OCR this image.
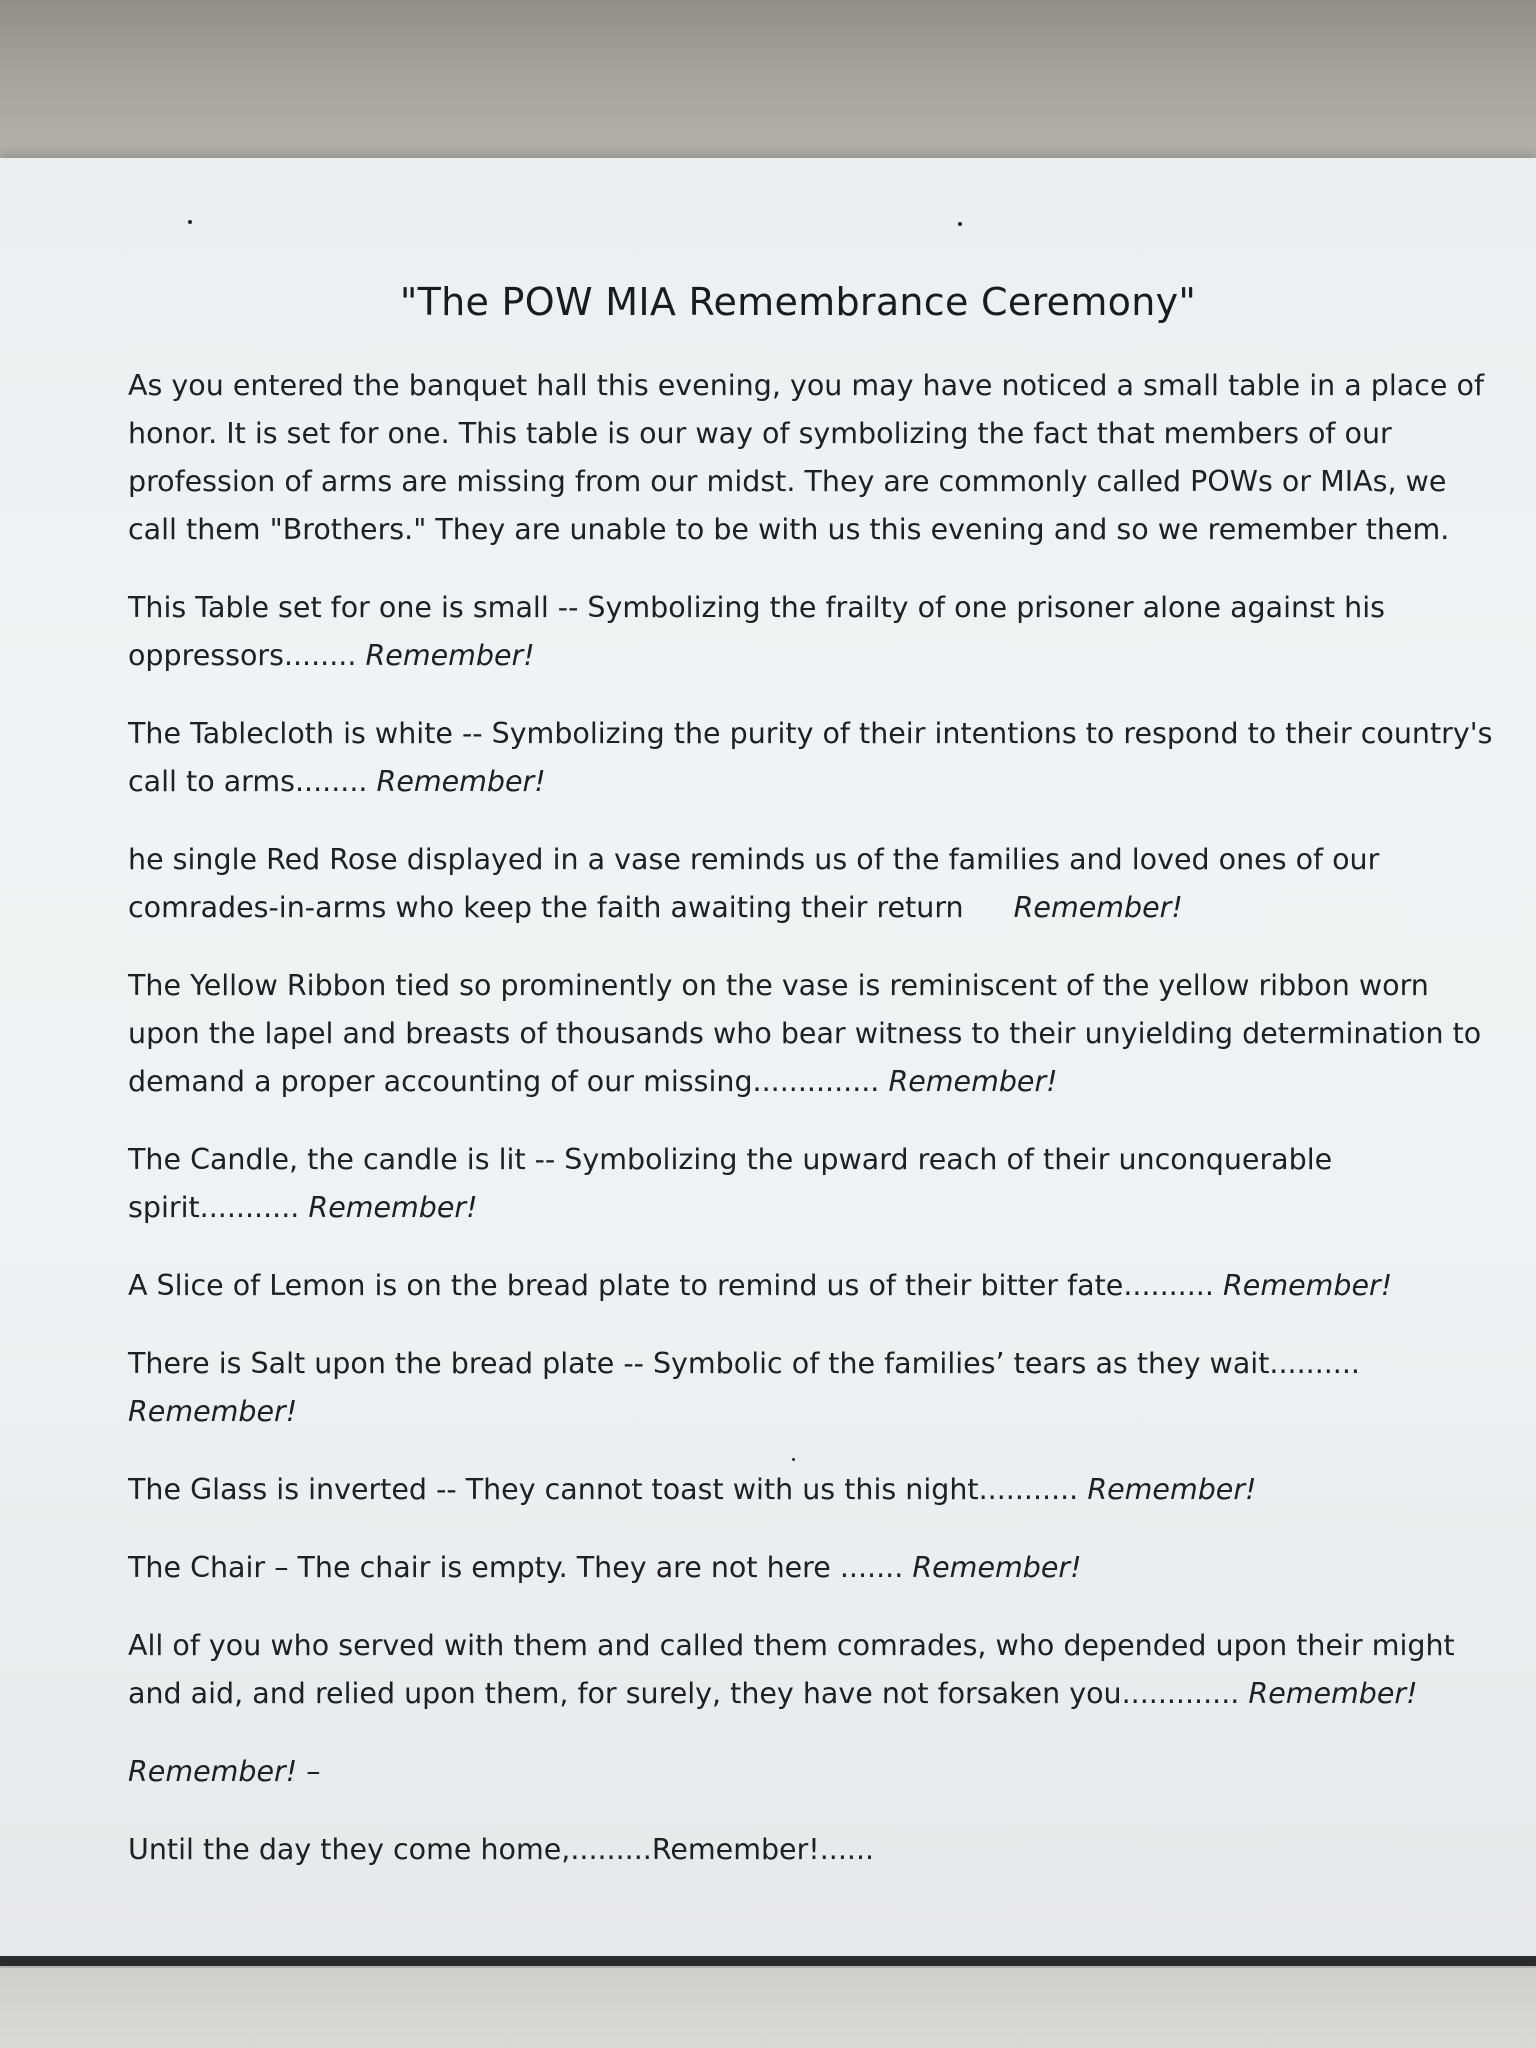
"The POW MIA Remembrance Ceremony"

As you entered the banquet hall this evening, you may have noticed a small table in a place of honor. It is set for one. This table is our way of symbolizing the fact that members of our profession of arms are missing from our midst. They are commonly called POWs or MIAs, we call them "Brothers." They are unable to be with us this evening and so we remember them.

This Table set for one is small -- Symbolizing the frailty of one prisoner alone against his oppressors........ Remember!

The Tablecloth is white -- Symbolizing the purity of their intentions to respond to their country's call to arms........ Remember!

he single Red Rose displayed in a vase reminds us of the families and loved ones of our comrades-in-arms who keep the faith awaiting their return Remember!

The Yellow Ribbon tied so prominently on the vase is reminiscent of the yellow ribbon worn upon the lapel and breasts of thousands who bear witness to their unyielding determination to demand a proper accounting of our missing.............. Remember!

The Candle, the candle is lit -- Symbolizing the upward reach of their unconquerable spirit........... Remember!

A Slice of Lemon is on the bread plate to remind us of their bitter fate.......... Remember!

There is Salt upon the bread plate -- Symbolic of the families’ tears as they wait.......... Remember!

The Glass is inverted -- They cannot toast with us this night........... Remember!

The Chair – The chair is empty. They are not here ....... Remember!

All of you who served with them and called them comrades, who depended upon their might and aid, and relied upon them, for surely, they have not forsaken you............. Remember!

Remember! –

Until the day they come home,.........Remember!......
